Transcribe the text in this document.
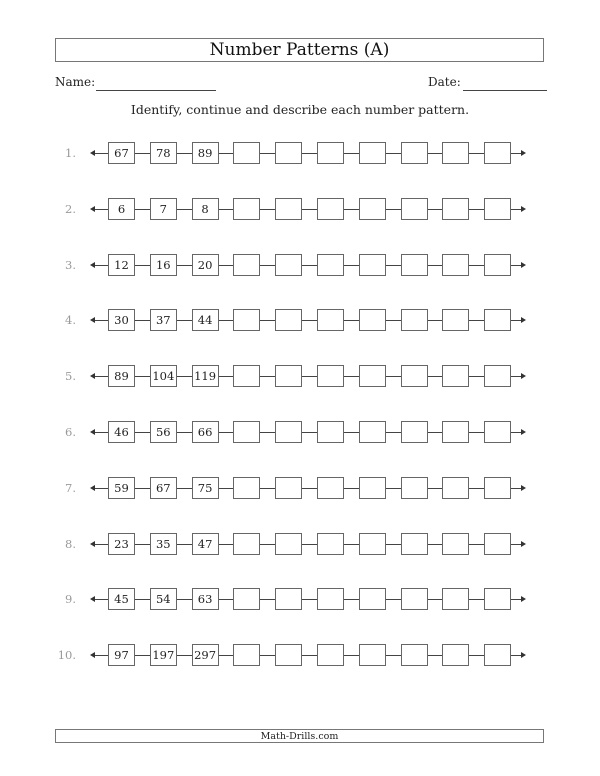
Number Patterns (A)
Name:	Date:
Identify, continue and describe each number pattern.
1.	67	78	89
2.	6	7	8
3.	12	16	20
4.	30	37	44
5.	89	104 119
6.	46	56	66
7.	59	67	75
8.	23	35	47
9.	45	54	63
10.	97	197 297
Math-Drills.com
